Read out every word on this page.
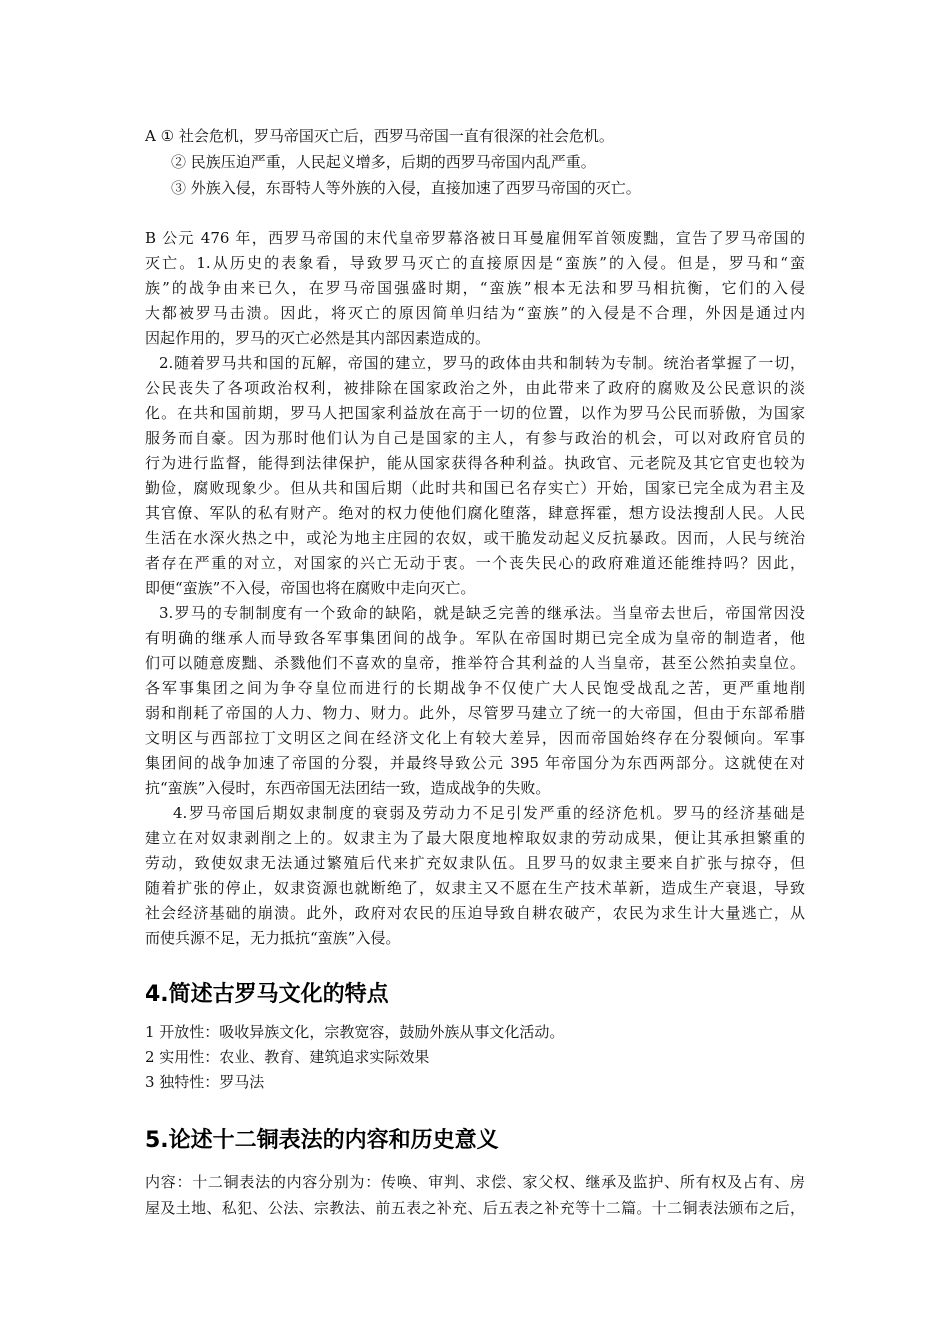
A ① 社会危机，罗马帝国灭亡后，西罗马帝国一直有很深的社会危机。
② 民族压迫严重，人民起义增多，后期的西罗马帝国内乱严重。
③ 外族入侵，东哥特人等外族的入侵，直接加速了西罗马帝国的灭亡。
B 公元 476 年，西罗马帝国的末代皇帝罗幕洛被日耳曼雇佣军首领废黜，宣告了罗马帝国的
灭亡。1.从历史的表象看，导致罗马灭亡的直接原因是“蛮族”的入侵。但是，罗马和“蛮
族”的战争由来已久，在罗马帝国强盛时期，“蛮族”根本无法和罗马相抗衡，它们的入侵
大都被罗马击溃。因此，将灭亡的原因简单归结为“蛮族”的入侵是不合理，外因是通过内
因起作用的，罗马的灭亡必然是其内部因素造成的。
2.随着罗马共和国的瓦解，帝国的建立，罗马的政体由共和制转为专制。统治者掌握了一切，
公民丧失了各项政治权利，被排除在国家政治之外，由此带来了政府的腐败及公民意识的淡
化。在共和国前期，罗马人把国家利益放在高于一切的位置，以作为罗马公民而骄傲，为国家
服务而自豪。因为那时他们认为自己是国家的主人，有参与政治的机会，可以对政府官员的
行为进行监督，能得到法律保护，能从国家获得各种利益。执政官、元老院及其它官吏也较为
勤俭，腐败现象少。但从共和国后期（此时共和国已名存实亡）开始，国家已完全成为君主及
其官僚、军队的私有财产。绝对的权力使他们腐化堕落，肆意挥霍，想方设法搜刮人民。人民
生活在水深火热之中，或沦为地主庄园的农奴，或干脆发动起义反抗暴政。因而，人民与统治
者存在严重的对立，对国家的兴亡无动于衷。一个丧失民心的政府难道还能维持吗？因此，
即便“蛮族”不入侵，帝国也将在腐败中走向灭亡。
3.罗马的专制制度有一个致命的缺陷，就是缺乏完善的继承法。当皇帝去世后，帝国常因没
有明确的继承人而导致各军事集团间的战争。军队在帝国时期已完全成为皇帝的制造者，他
们可以随意废黜、杀戮他们不喜欢的皇帝，推举符合其利益的人当皇帝，甚至公然拍卖皇位。
各军事集团之间为争夺皇位而进行的长期战争不仅使广大人民饱受战乱之苦，更严重地削
弱和削耗了帝国的人力、物力、财力。此外，尽管罗马建立了统一的大帝国，但由于东部希腊
文明区与西部拉丁文明区之间在经济文化上有较大差异，因而帝国始终存在分裂倾向。军事
集团间的战争加速了帝国的分裂，并最终导致公元 395 年帝国分为东西两部分。这就使在对
抗“蛮族”入侵时，东西帝国无法团结一致，造成战争的失败。
4.罗马帝国后期奴隶制度的衰弱及劳动力不足引发严重的经济危机。罗马的经济基础是
建立在对奴隶剥削之上的。奴隶主为了最大限度地榨取奴隶的劳动成果，便让其承担繁重的
劳动，致使奴隶无法通过繁殖后代来扩充奴隶队伍。且罗马的奴隶主要来自扩张与掠夺，但
随着扩张的停止，奴隶资源也就断绝了，奴隶主又不愿在生产技术革新，造成生产衰退，导致
社会经济基础的崩溃。此外，政府对农民的压迫导致自耕农破产，农民为求生计大量逃亡，从
而使兵源不足，无力抵抗“蛮族”入侵。
4.简述古罗马文化的特点
1 开放性：吸收异族文化，宗教宽容，鼓励外族从事文化活动。
2 实用性：农业、教育、建筑追求实际效果
3 独特性：罗马法
5.论述十二铜表法的内容和历史意义
内容：十二铜表法的内容分别为：传唤、审判、求偿、家父权、继承及监护、所有权及占有、房
屋及土地、私犯、公法、宗教法、前五表之补充、后五表之补充等十二篇。十二铜表法颁布之后，
